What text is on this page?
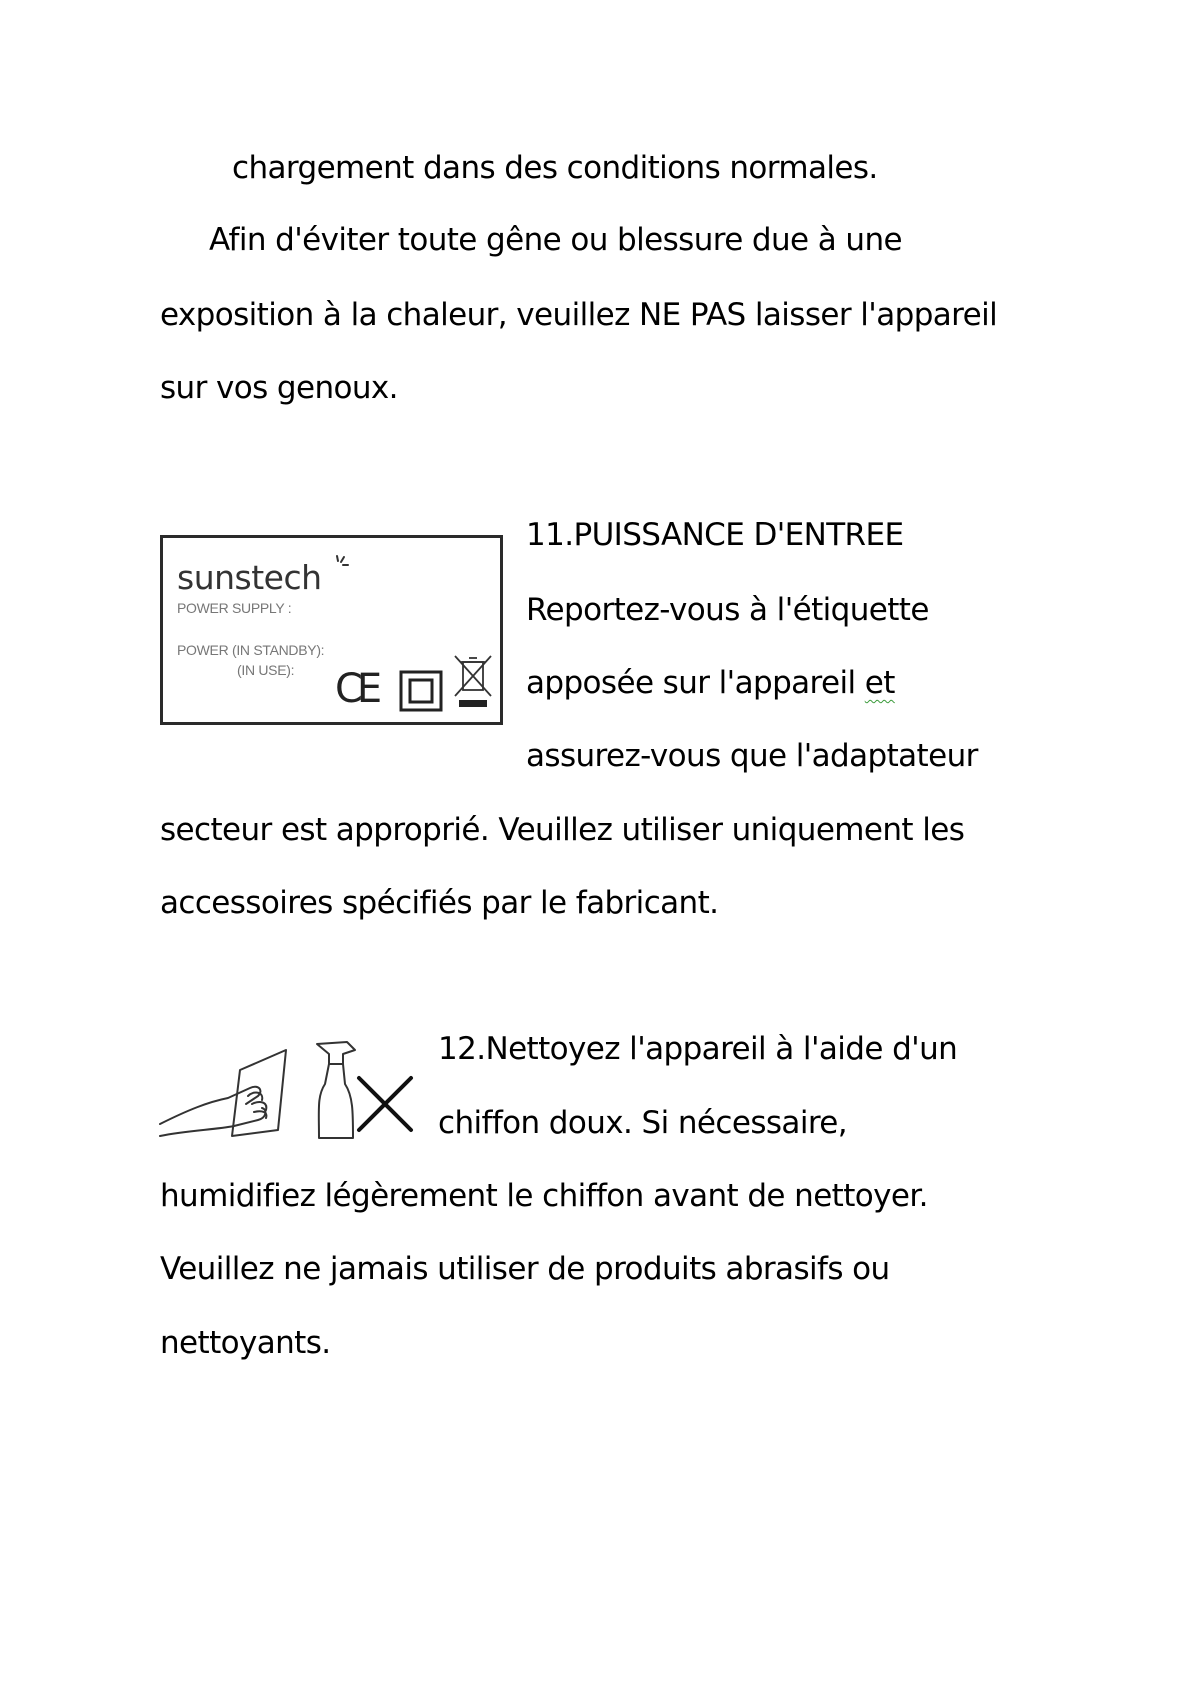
chargement dans des conditions normales.

Afin d'éviter toute gêne ou blessure due à une

exposition à la chaleur, veuillez NE PAS laisser l'appareil

sur vos genoux.

sunstech
POWER SUPPLY :
POWER (IN STANDBY):
(IN USE): CE
11.PUISSANCE D'ENTREE

Reportez-vous à l'étiquette

apposée sur l'appareil et

assurez-vous que l'adaptateur

secteur est approprié. Veuillez utiliser uniquement les

accessoires spécifiés par le fabricant.

12.Nettoyez l'appareil à l'aide d'un

chiffon doux. Si nécessaire,

humidifiez légèrement le chiffon avant de nettoyer.

Veuillez ne jamais utiliser de produits abrasifs ou

nettoyants.
